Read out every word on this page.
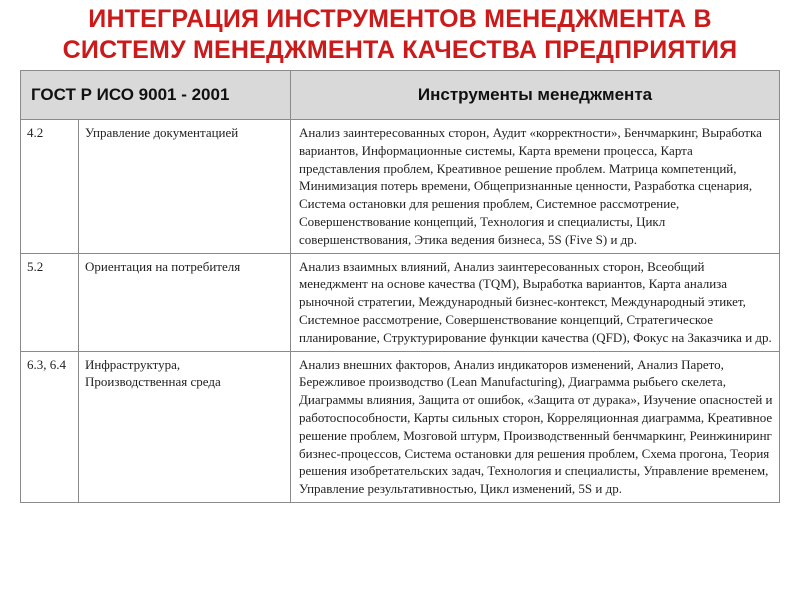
ИНТЕГРАЦИЯ ИНСТРУМЕНТОВ МЕНЕДЖМЕНТА В
СИСТЕМУ МЕНЕДЖМЕНТА КАЧЕСТВА ПРЕДПРИЯТИЯ
ГОСТ Р ИСО 9001 - 2001		Инструменты менеджмента
4.2	Управление документацией	Анализ заинтересованных сторон, Аудит «корректности», Бенчмаркинг, Выработка вариантов, Информационные системы, Карта времени процесса, Карта представления проблем, Креативное решение проблем. Матрица компетенций, Минимизация потерь времени, Общепризнанные ценности, Разработка сценария, Система остановки для решения проблем, Системное рассмотрение, Совершенствование концепций, Технология и специалисты, Цикл совершенствования, Этика ведения бизнеса, 5S (Five S) и др.
5.2	Ориентация на потребителя	Анализ взаимных влияний, Анализ заинтересованных сторон, Всеобщий менеджмент на основе качества (TQM), Выработка вариантов, Карта анализа рыночной стратегии, Международный бизнес-контекст, Международный этикет, Системное рассмотрение, Совершенствование концепций, Стратегическое планирование, Структурирование функции качества (QFD), Фокус на Заказчика и др.
6.3, 6.4	Инфраструктура, Производственная среда	Анализ внешних факторов, Анализ индикаторов изменений, Анализ Парето, Бережливое производство (Lean Manufacturing), Диаграмма рыбьего скелета, Диаграммы влияния, Защита от ошибок, «Защита от дурака», Изучение опасностей и работоспособности, Карты сильных сторон, Корреляционная диаграмма, Креативное решение проблем, Мозговой штурм, Производственный бенчмаркинг, Реинжиниринг бизнес-процессов, Система остановки для решения проблем, Схема прогона, Теория решения изобретательских задач, Технология и специалисты, Управление временем, Управление результативностью, Цикл изменений, 5S и др.
